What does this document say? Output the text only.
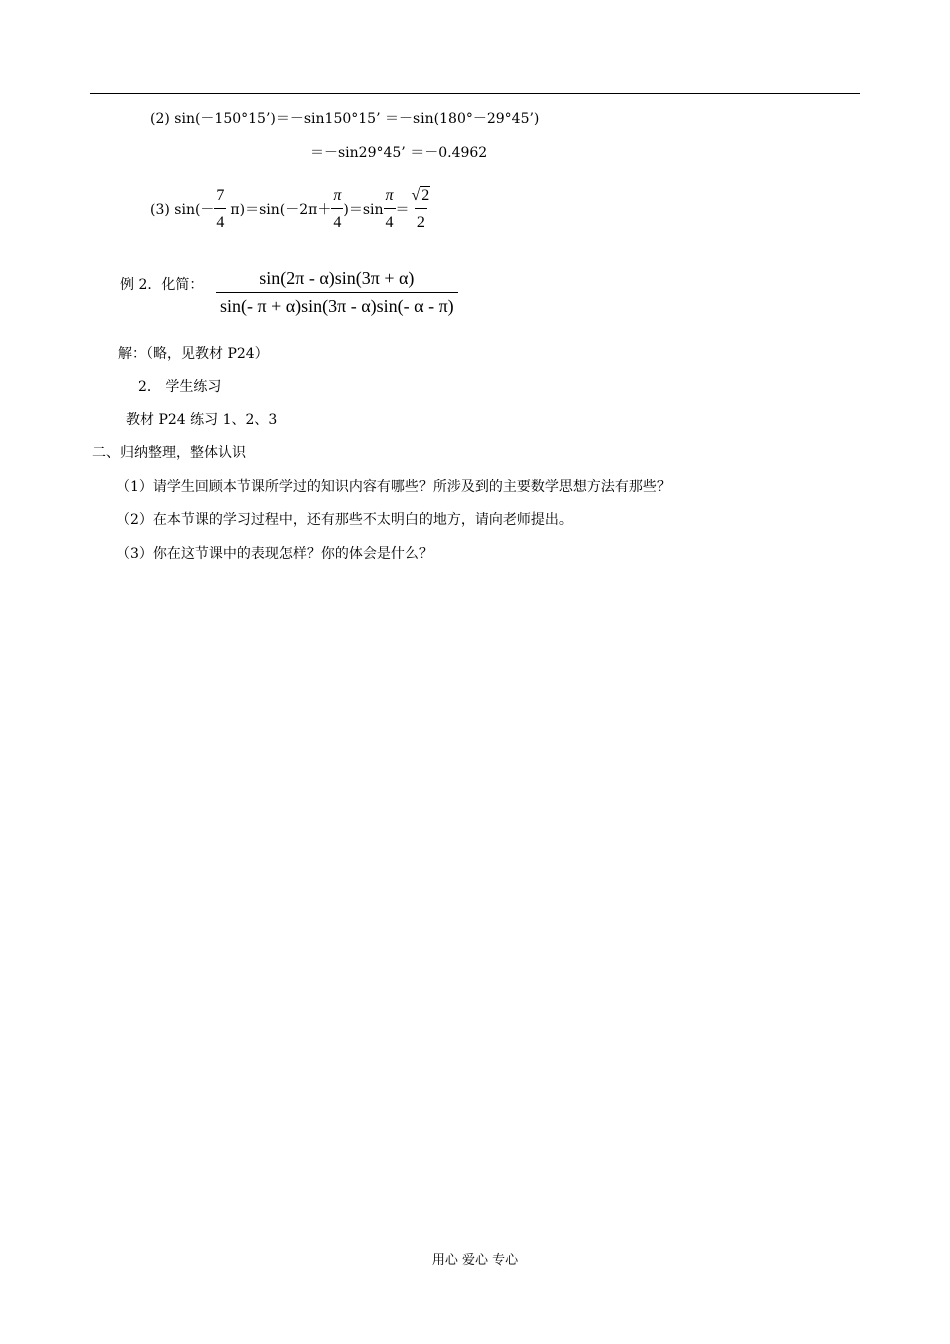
(2) sin(－150°15’)＝－sin150°15’ ＝－sin(180°－29°45’)
＝－sin29°45’ ＝－0.4962
(3) $\sin(- \frac{7}{4} \pi)=\sin(-2\pi+ \frac{\pi}{4} )=\sin \frac{\pi}{4} = \frac{√2}{2}$
例 2．化简： $\frac{\sin(2\pi - \alpha)\sin(3\pi + \alpha)}{\sin(- \pi + \alpha)\sin(3\pi - \alpha)\sin(- \alpha - \pi)}$
解：（略，见教材 P24）
2． 学生练习
教材 P24 练习 1、2、3
二、归纳整理，整体认识
（1）请学生回顾本节课所学过的知识内容有哪些？所涉及到的主要数学思想方法有那些？
（2）在本节课的学习过程中，还有那些不太明白的地方，请向老师提出。
（3）你在这节课中的表现怎样？你的体会是什么？
用心 爱心 专心
